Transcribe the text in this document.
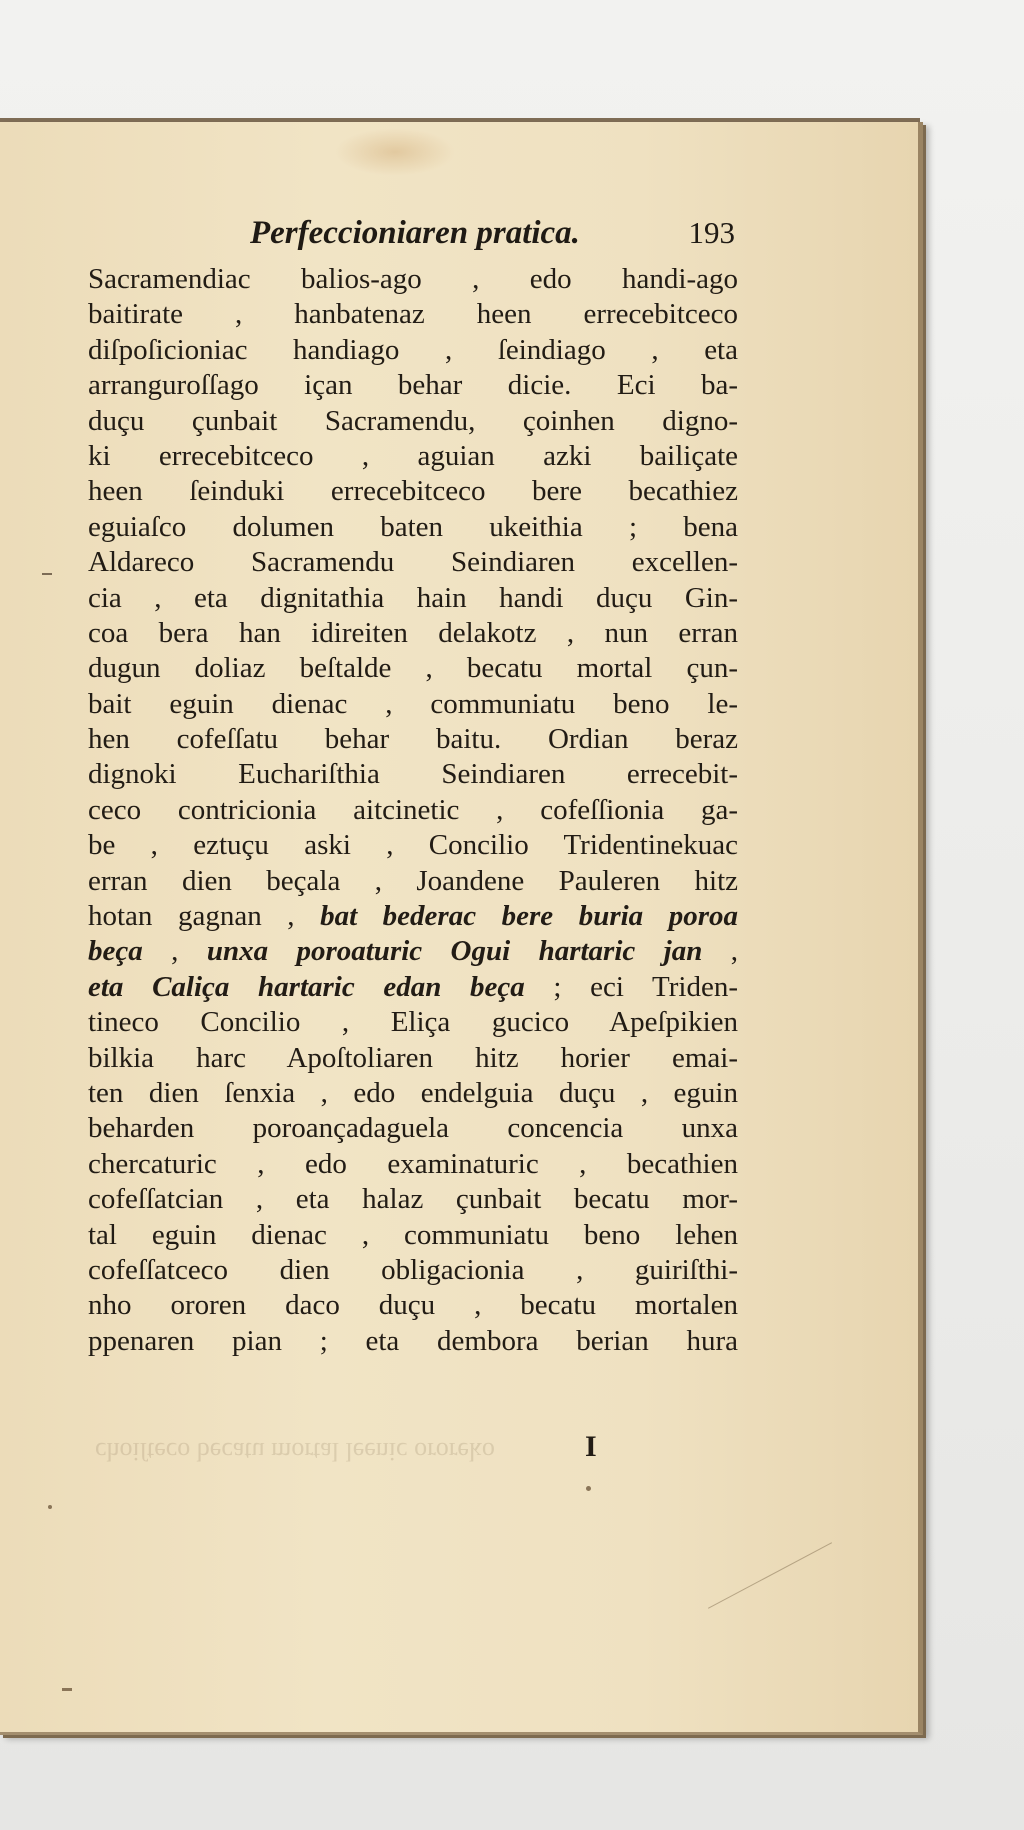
Perfeccioniaren pratica.	193
Sacramendiac balios-ago , edo handi-ago
baitirate , hanbatenaz heen errecebitceco
diſpoſicioniac handiago , ſeindiago , eta
arranguroſſago içan behar dicie. Eci ba-
duçu çunbait Sacramendu, çoinhen digno-
ki errecebitceco , aguian azki bailiçate
heen ſeinduki errecebitceco bere becathiez
eguiaſco dolumen baten ukeithia ; bena
Aldareco Sacramendu Seindiaren excellen-
cia , eta dignitathia hain handi duçu Gin-
coa bera han idireiten delakotz , nun erran
dugun doliaz beſtalde , becatu mortal çun-
bait eguin dienac , communiatu beno le-
hen cofeſſatu behar baitu. Ordian beraz
dignoki Euchariſthia Seindiaren errecebit-
ceco contricionia aitcinetic , cofeſſionia ga-
be , eztuçu aski , Concilio Tridentinekuac
erran dien beçala , Joandene Pauleren hitz
hotan gagnan , bat bederac bere buria poroa
beça , unxa poroaturic Ogui hartaric jan ,
eta Caliça hartaric edan beça ; eci Triden-
tineco Concilio , Eliça gucico Apeſpikien
bilkia harc Apoſtoliaren hitz horier emai-
ten dien ſenxia , edo endelguia duçu , eguin
beharden poroançadaguela concencia unxa
chercaturic , edo examinaturic , becathien
cofeſſatcian , eta halaz çunbait becatu mor-
tal eguin dienac , communiatu beno lehen
cofeſſatceco dien obligacionia , guiriſthi-
nho ororen daco duçu , becatu mortalen
ppenaren pian ; eta dembora berian hura
choiſteco becatu mortal leenic ororeko	I
